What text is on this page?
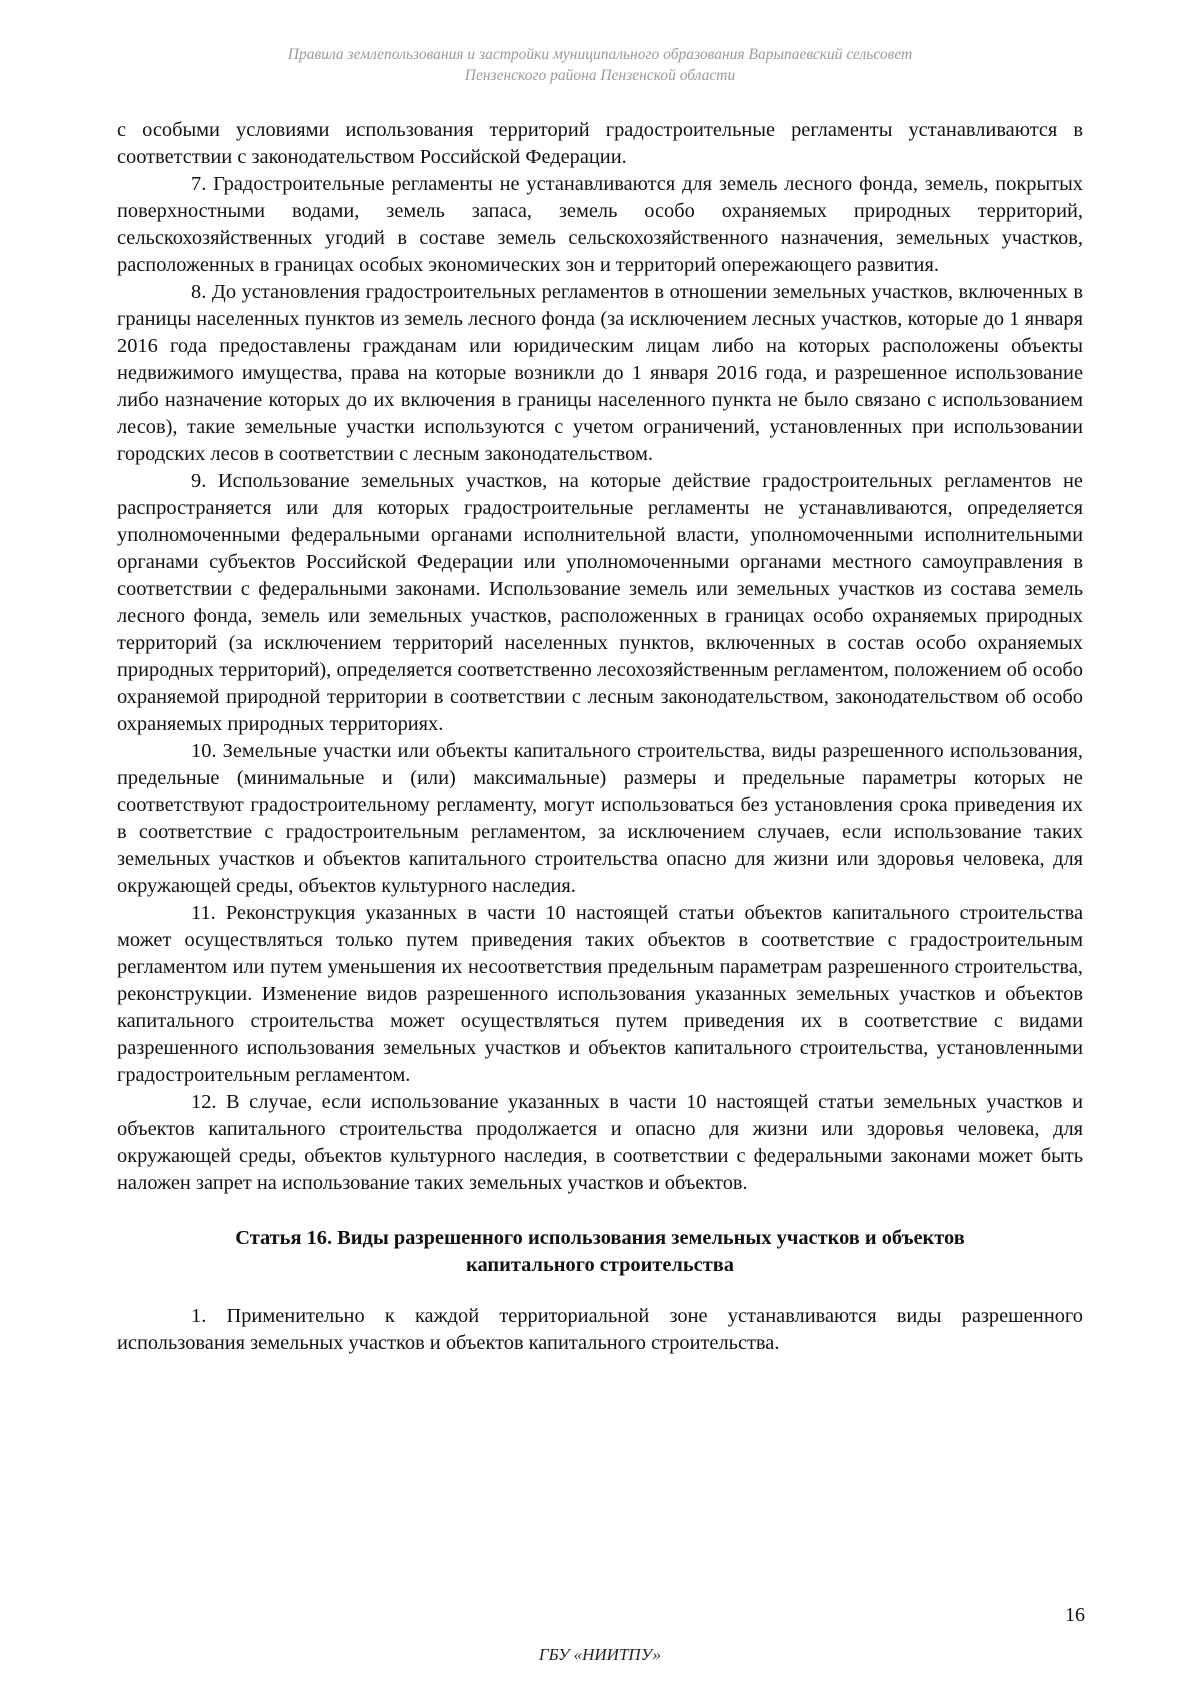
Правила землепользования и застройки муниципального образования Варыпаевский сельсовет
Пензенского района Пензенской области

с особыми условиями использования территорий градостроительные регламенты устанавливаются в соответствии с законодательством Российской Федерации.

7. Градостроительные регламенты не устанавливаются для земель лесного фонда, земель, покрытых поверхностными водами, земель запаса, земель особо охраняемых природных территорий, сельскохозяйственных угодий в составе земель сельскохозяйственного назначения, земельных участков, расположенных в границах особых экономических зон и территорий опережающего развития.

8. До установления градостроительных регламентов в отношении земельных участков, включенных в границы населенных пунктов из земель лесного фонда (за исключением лесных участков, которые до 1 января 2016 года предоставлены гражданам или юридическим лицам либо на которых расположены объекты недвижимого имущества, права на которые возникли до 1 января 2016 года, и разрешенное использование либо назначение которых до их включения в границы населенного пункта не было связано с использованием лесов), такие земельные участки используются с учетом ограничений, установленных при использовании городских лесов в соответствии с лесным законодательством.

9. Использование земельных участков, на которые действие градостроительных регламентов не распространяется или для которых градостроительные регламенты не устанавливаются, определяется уполномоченными федеральными органами исполнительной власти, уполномоченными исполнительными органами субъектов Российской Федерации или уполномоченными органами местного самоуправления в соответствии с федеральными законами. Использование земель или земельных участков из состава земель лесного фонда, земель или земельных участков, расположенных в границах особо охраняемых природных территорий (за исключением территорий населенных пунктов, включенных в состав особо охраняемых природных территорий), определяется соответственно лесохозяйственным регламентом, положением об особо охраняемой природной территории в соответствии с лесным законодательством, законодательством об особо охраняемых природных территориях.

10. Земельные участки или объекты капитального строительства, виды разрешенного использования, предельные (минимальные и (или) максимальные) размеры и предельные параметры которых не соответствуют градостроительному регламенту, могут использоваться без установления срока приведения их в соответствие с градостроительным регламентом, за исключением случаев, если использование таких земельных участков и объектов капитального строительства опасно для жизни или здоровья человека, для окружающей среды, объектов культурного наследия.

11. Реконструкция указанных в части 10 настоящей статьи объектов капитального строительства может осуществляться только путем приведения таких объектов в соответствие с градостроительным регламентом или путем уменьшения их несоответствия предельным параметрам разрешенного строительства, реконструкции. Изменение видов разрешенного использования указанных земельных участков и объектов капитального строительства может осуществляться путем приведения их в соответствие с видами разрешенного использования земельных участков и объектов капитального строительства, установленными градостроительным регламентом.

12. В случае, если использование указанных в части 10 настоящей статьи земельных участков и объектов капитального строительства продолжается и опасно для жизни или здоровья человека, для окружающей среды, объектов культурного наследия, в соответствии с федеральными законами может быть наложен запрет на использование таких земельных участков и объектов.

Статья 16. Виды разрешенного использования земельных участков и объектов
капитального строительства

1. Применительно к каждой территориальной зоне устанавливаются виды разрешенного использования земельных участков и объектов капитального строительства.

16
ГБУ «НИИТПУ»
